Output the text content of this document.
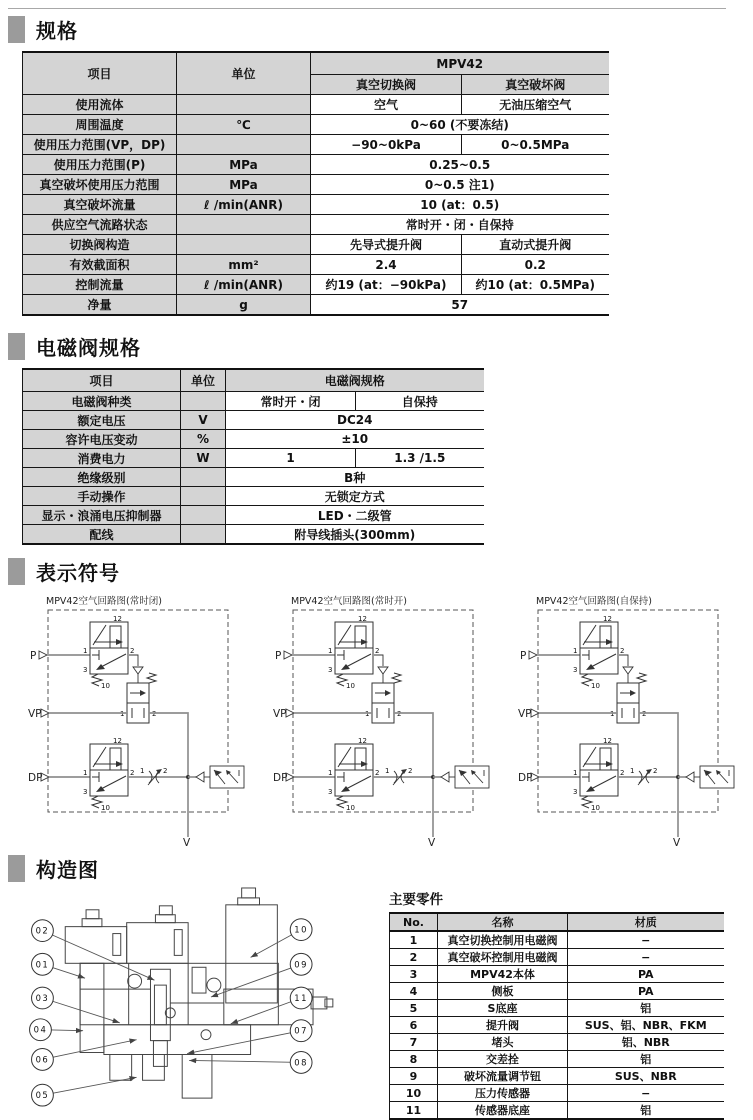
规格
项目	单位	MPV42	
		真空切换阀	真空破坏阀
使用流体		空气	无油压缩空气
周围温度	℃	0~60 (不要冻结)	
使用压力范围(VP，DP)		−90~0kPa	0~0.5MPa
使用压力范围(P)	MPa	0.25~0.5	
真空破坏使用压力范围	MPa	0~0.5 注1)	
真空破坏流量	ℓ /min(ANR)	10 (at：0.5)	
供应空气流路状态		常时开・闭・自保持	
切换阀构造		先导式提升阀	直动式提升阀
有效截面积	mm²	2.4	0.2
控制流量	ℓ /min(ANR)	约19 (at：−90kPa)	约10 (at：0.5MPa)
净量	g	57	
电磁阀规格
项目	单位	电磁阀规格	
电磁阀种类		常时开・闭	自保持
额定电压	V	DC24	
容许电压变动	%	±10	
消费电力	W	1	1.3 /1.5
绝缘级别		B种	
手动操作		无锁定方式	
显示・浪涌电压抑制器		LED・二级管	
配线		附导线插头(300mm)	
表示符号
MPV42空气回路图(常时闭)
P
12
1	2
3
10
1	2
VP
DP
12
1	2
3
10
1	2
V
MPV42空气回路图(常时开)
P
12
1	2
3
10
1	2
VP
DP
12
1	2
3
10
1	2
V
MPV42空气回路图(自保持)
P
12
1	2
3
10
1	2
VP
DP
12
1	2
3
10
1	2
V
构造图
02
01
03
04
06
05
10
09
11
07
08
主要零件
No.	名称	材质
1	真空切换控制用电磁阀	−
2	真空破坏控制用电磁阀	−
3	MPV42本体	PA
4	侧板	PA
5	S底座	铝
6	提升阀	SUS、铝、NBR、FKM
7	堵头	铝、NBR
8	交差拴	铝
9	破坏流量调节钮	SUS、NBR
10	压力传感器	−
11	传感器底座	铝
